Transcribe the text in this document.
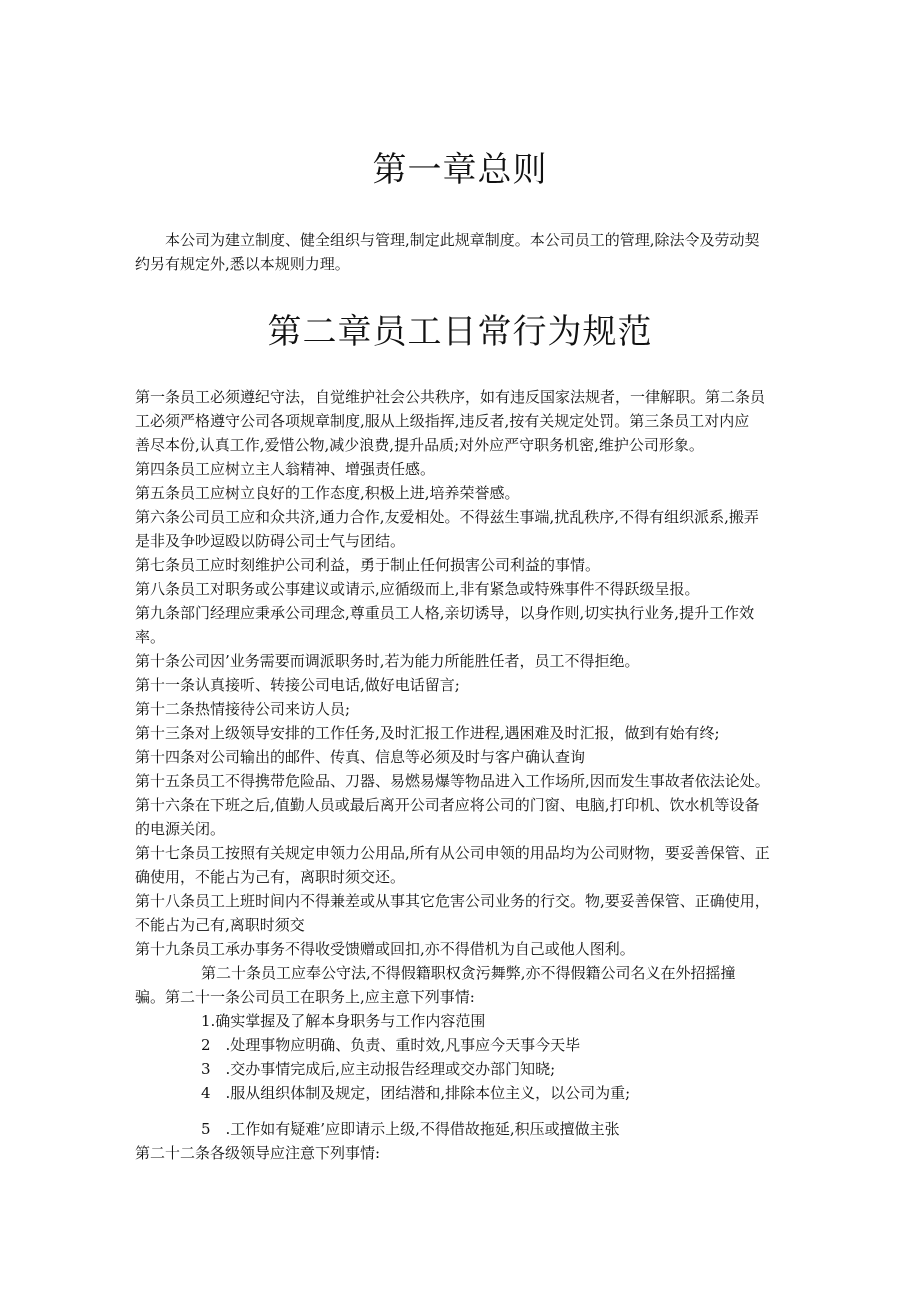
第一章总则
本公司为建立制度、健全组织与管理,制定此规章制度。本公司员工的管理,除法令及劳动契
约另有规定外,悉以本规则力理。
第二章员工日常行为规范
第一条员工必须遵纪守法，自觉维护社会公共秩序，如有违反国家法规者，一律解职。第二条员
工必须严格遵守公司各项规章制度,服从上级指挥,违反者,按有关规定处罚。第三条员工对内应
善尽本份,认真工作,爱惜公物,减少浪费,提升品质;对外应严守职务机密,维护公司形象。
第四条员工应树立主人翁精神、增强责任感。
第五条员工应树立良好的工作态度,积极上进,培养荣誉感。
第六条公司员工应和众共济,通力合作,友爱相处。不得兹生事端,扰乱秩序,不得有组织派系,搬弄
是非及争吵逗殴以防碍公司士气与团结。
第七条员工应时刻维护公司利益，勇于制止任何损害公司利益的事情。
第八条员工对职务或公事建议或请示,应循级而上,非有紧急或特殊事件不得跃级呈报。
第九条部门经理应秉承公司理念,尊重员工人格,亲切诱导，以身作则,切实执行业务,提升工作效
率。
第十条公司因’业务需要而调派职务时,若为能力所能胜任者，员工不得拒绝。
第十一条认真接听、转接公司电话,做好电话留言;
第十二条热情接待公司来访人员;
第十三条对上级领导安排的工作任务,及时汇报工作进程,遇困难及时汇报，做到有始有终;
第十四条对公司输出的邮件、传真、信息等必须及时与客户确认查询
第十五条员工不得携带危险品、刀器、易燃易爆等物品进入工作场所,因而发生事故者依法论处。
第十六条在下班之后,值勤人员或最后离开公司者应将公司的门窗、电脑,打印机、饮水机等设备
的电源关闭。
第十七条员工按照有关规定申领力公用品,所有从公司申领的用品均为公司财物，要妥善保管、正
确使用，不能占为己有，离职时须交还。
第十八条员工上班时间内不得兼差或从事其它危害公司业务的行交。物,要妥善保管、正确使用，
不能占为己有,离职时须交
第十九条员工承办事务不得收受馈赠或回扣,亦不得借机为自己或他人图利。
第二十条员工应奉公守法,不得假籍职权贪污舞弊,亦不得假籍公司名义在外招摇撞
骗。第二十一条公司员工在职务上,应主意下列事情:
1.确实掌握及了解本身职务与工作内容范围
2　.处理事物应明确、负责、重时效,凡事应今天事今天毕
3　.交办事情完成后,应主动报告经理或交办部门知晓;
4　.服从组织体制及规定，团结潜和,排除本位主义，以公司为重;
5　.工作如有疑难’应即请示上级,不得借故拖延,积压或擅做主张
第二十二条各级领导应注意下列事情:
